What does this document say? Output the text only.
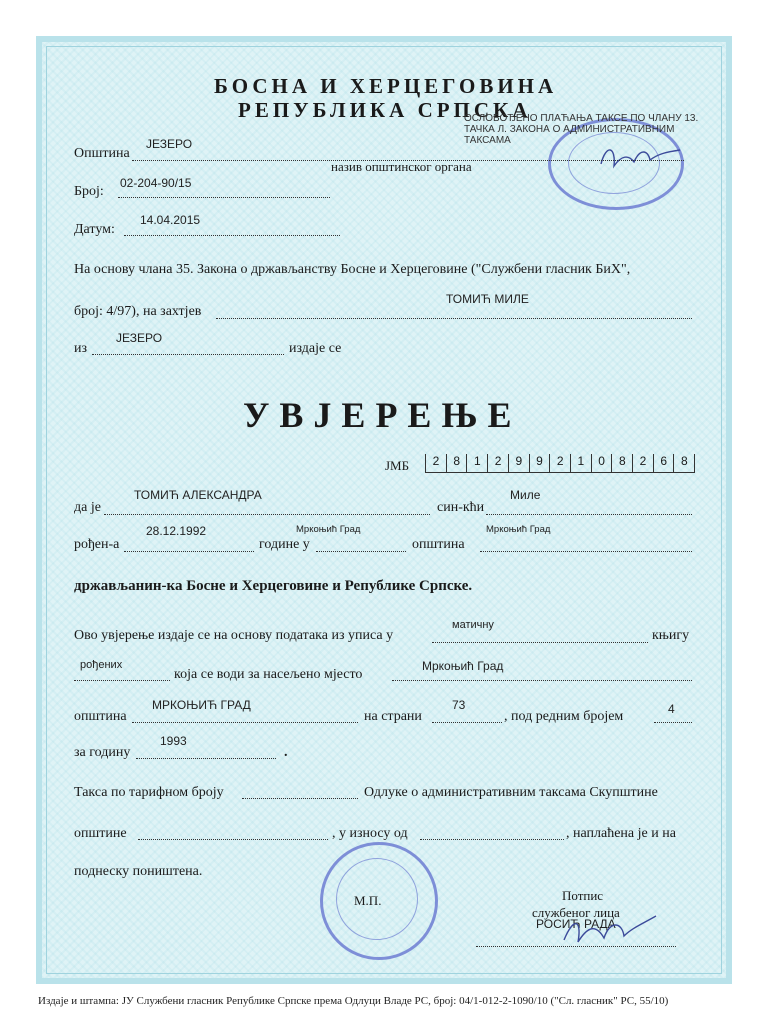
БОСНА И ХЕРЦЕГОВИНА
РЕПУБЛИКА СРПСКА
ОСЛОБОЂЕНО ПЛАЋАЊА ТАКСЕ ПО ЧЛАНУ 13.
ТАЧКА Л. ЗАКОНА О АДМИНИСТРАТИВНИМ
ТАКСАМА
Општина
ЈЕЗЕРО
назив општинског органа
Број:
02-204-90/15
Датум:
14.04.2015
На основу члана 35. Закона о држављанству Босне и Херцеговине ("Службени гласник БиХ",
број: 4/97), на захтјев
ТОМИЋ МИЛЕ
из
ЈЕЗЕРО
издаје се
УВЈЕРЕЊЕ
ЈМБ	2	8	1	2	9	9	2	1	0	8	2	6	8
да је
ТОМИЋ АЛЕКСАНДРА
син-кћи
Миле
рођен-а
28.12.1992
године у
Мркоњић Град
општина
Мркоњић Град
држављанин-ка Босне и Херцеговине и Републике Српске.
Ово увјерење издаје се на основу података из уписа у
матичну
књигу
рођених
која се води за насељено мјесто
Мркоњић Град
општина
МРКОЊИЋ ГРАД
на страни
73
, под редним бројем	4
за годину
1993
.
Такса по тарифном броју	Одлуке о административним таксама Скупштине
општине	, у износу од	, наплаћена је и на
поднеску поништена.
М.П.	Потпис
службеног лица
РОСИЋ РАДА
Издаје и штампа: ЈУ Службени гласник Републике Српске према Одлуци Владе РС, број: 04/1-012-2-1090/10 ("Сл. гласник" РС, 55/10)
